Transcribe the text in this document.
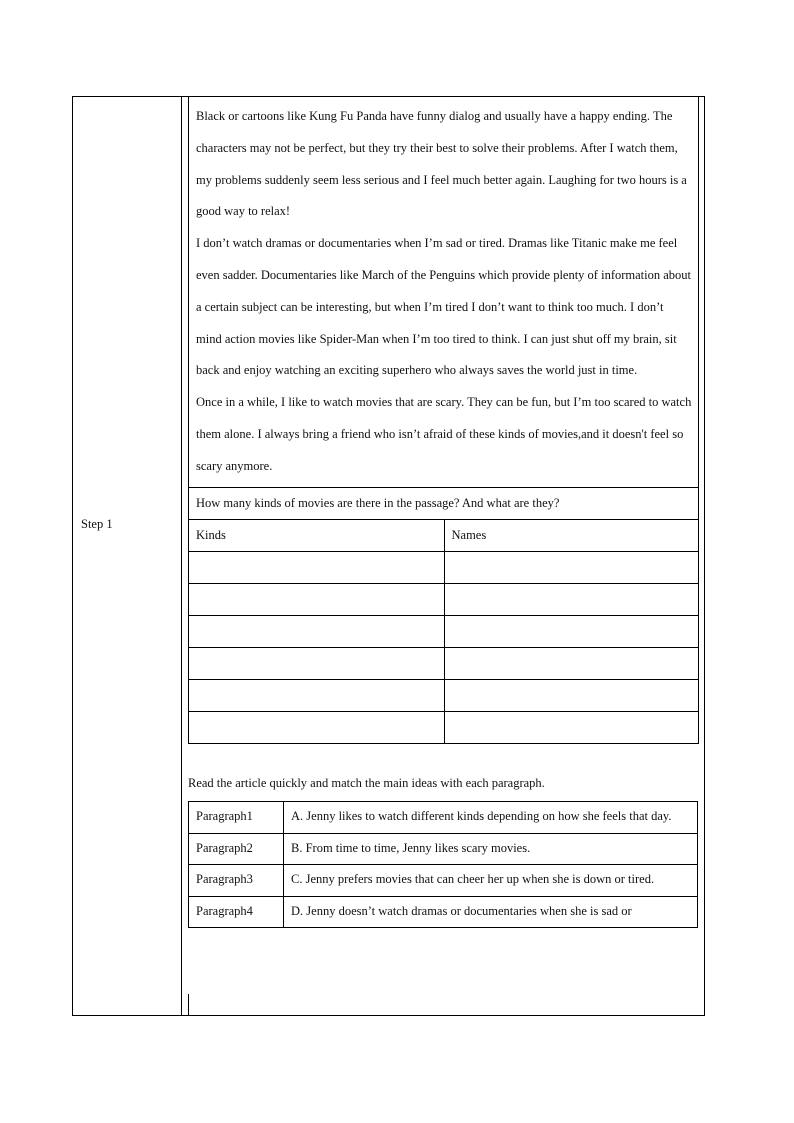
Step 1

Black or cartoons like Kung Fu Panda have funny dialog and usually have a happy ending. The characters may not be perfect, but they try their best to solve their problems. After I watch them, my problems suddenly seem less serious and I feel much better again. Laughing for two hours is a good way to relax!

I don’t watch dramas or documentaries when I’m sad or tired. Dramas like Titanic make me feel even sadder. Documentaries like March of the Penguins which provide plenty of information about a certain subject can be interesting, but when I’m tired I don’t want to think too much. I don’t mind action movies like Spider-Man when I’m too tired to think. I can just shut off my brain, sit back and enjoy watching an exciting superhero who always saves the world just in time.

Once in a while, I like to watch movies that are scary. They can be fun, but I’m too scared to watch them alone. I always bring a friend who isn’t afraid of these kinds of movies,and it doesn't feel so scary anymore.

How many kinds of movies are there in the passage? And what are they?
Kinds	Names

Read the article quickly and match the main ideas with each paragraph.
Paragraph1	A. Jenny likes to watch different kinds depending on how she feels that day.

Paragraph2	B. From time to time, Jenny likes scary movies.

Paragraph3	C. Jenny prefers movies that can cheer her up when she is down or tired.

Paragraph4	D. Jenny doesn’t watch dramas or documentaries when she is sad or
